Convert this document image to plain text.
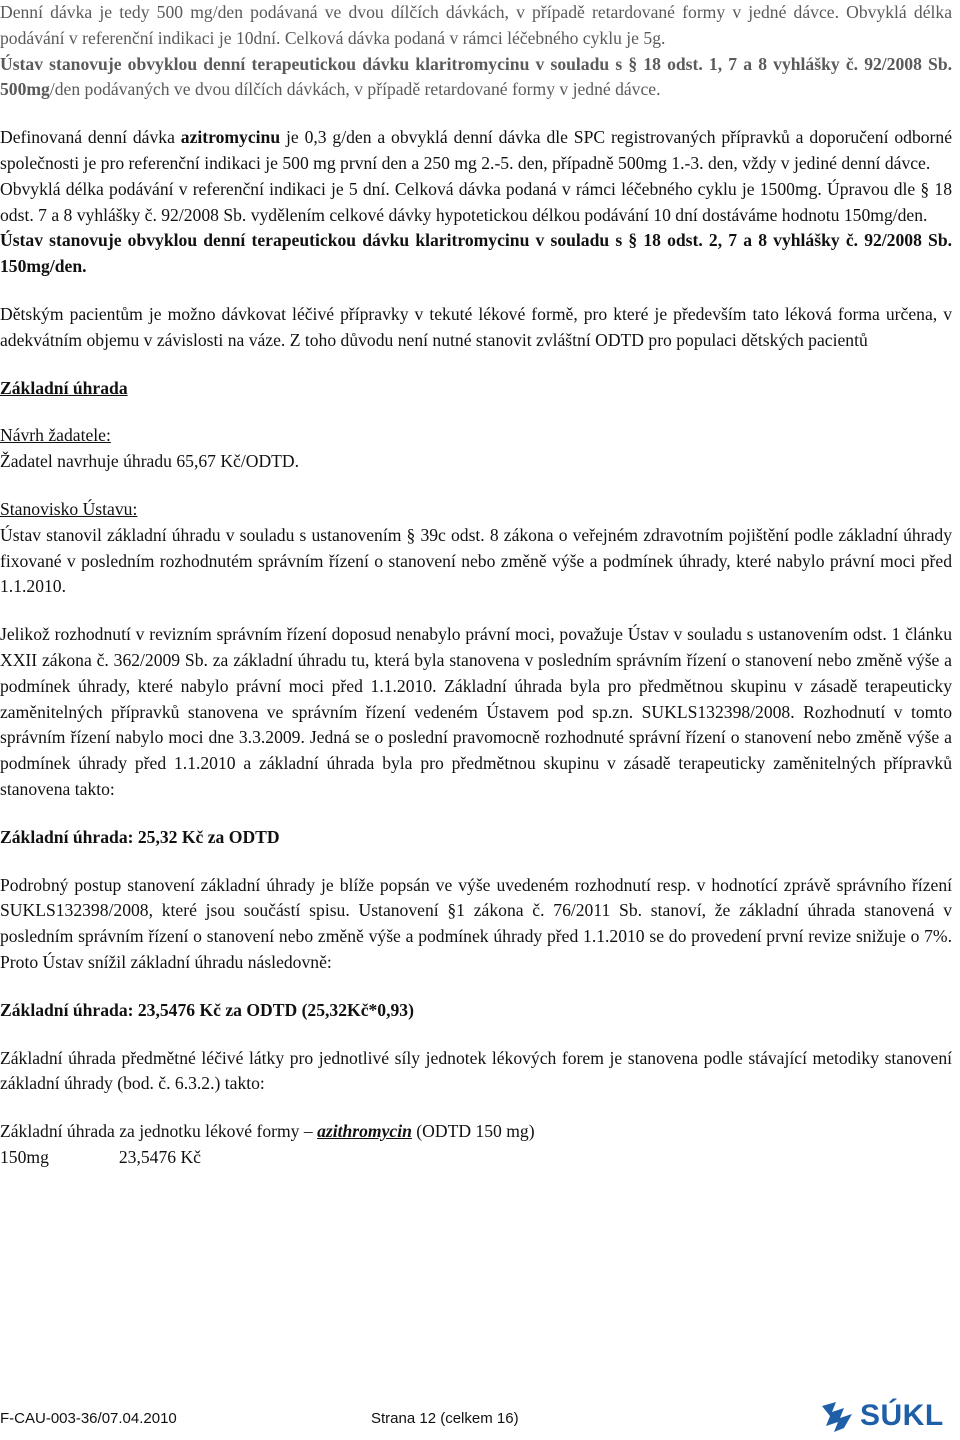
Denní dávka je tedy 500 mg/den podávaná ve dvou dílčích dávkách, v případě retardované formy v jedné dávce. Obvyklá délka podávání v referenční indikaci je 10dní. Celková dávka podaná v rámci léčebného cyklu je 5g.

Ústav stanovuje obvyklou denní terapeutickou dávku klaritromycinu v souladu s § 18 odst. 1, 7 a 8 vyhlášky č. 92/2008 Sb. 500mg/den podávaných ve dvou dílčích dávkách, v případě retardované formy v jedné dávce.

Definovaná denní dávka azitromycinu je 0,3 g/den a obvyklá denní dávka dle SPC registrovaných přípravků a doporučení odborné společnosti je pro referenční indikaci je 500 mg první den a 250 mg 2.-5. den, případně 500mg 1.-3. den, vždy v jediné denní dávce.

Obvyklá délka podávání v referenční indikaci je 5 dní. Celková dávka podaná v rámci léčebného cyklu je 1500mg. Úpravou dle § 18 odst. 7 a 8 vyhlášky č. 92/2008 Sb. vydělením celkové dávky hypotetickou délkou podávání 10 dní dostáváme hodnotu 150mg/den.

Ústav stanovuje obvyklou denní terapeutickou dávku klaritromycinu v souladu s § 18 odst. 2, 7 a 8 vyhlášky č. 92/2008 Sb. 150mg/den.

Dětským pacientům je možno dávkovat léčivé přípravky v tekuté lékové formě, pro které je především tato léková forma určena, v adekvátním objemu v závislosti na váze. Z toho důvodu není nutné stanovit zvláštní ODTD pro populaci dětských pacientů

Základní úhrada

Návrh žadatele:

Žadatel navrhuje úhradu 65,67 Kč/ODTD.

Stanovisko Ústavu:

Ústav stanovil základní úhradu v souladu s ustanovením § 39c odst. 8 zákona o veřejném zdravotním pojištění podle základní úhrady fixované v posledním rozhodnutém správním řízení o stanovení nebo změně výše a podmínek úhrady, které nabylo právní moci před 1.1.2010.

Jelikož rozhodnutí v revizním správním řízení doposud nenabylo právní moci, považuje Ústav v souladu s ustanovením odst. 1 článku XXII zákona č. 362/2009 Sb. za základní úhradu tu, která byla stanovena v posledním správním řízení o stanovení nebo změně výše a podmínek úhrady, které nabylo právní moci před 1.1.2010. Základní úhrada byla pro předmětnou skupinu v zásadě terapeuticky zaměnitelných přípravků stanovena ve správním řízení vedeném Ústavem pod sp.zn. SUKLS132398/2008. Rozhodnutí v tomto správním řízení nabylo moci dne 3.3.2009. Jedná se o poslední pravomocně rozhodnuté správní řízení o stanovení nebo změně výše a podmínek úhrady před 1.1.2010 a základní úhrada byla pro předmětnou skupinu v zásadě terapeuticky zaměnitelných přípravků stanovena takto:

Základní úhrada: 25,32 Kč za ODTD

Podrobný postup stanovení základní úhrady je blíže popsán ve výše uvedeném rozhodnutí resp. v hodnotící zprávě správního řízení SUKLS132398/2008, které jsou součástí spisu. Ustanovení §1 zákona č. 76/2011 Sb. stanoví, že základní úhrada stanovená v posledním správním řízení o stanovení nebo změně výše a podmínek úhrady před 1.1.2010 se do provedení první revize snižuje o 7%. Proto Ústav snížil základní úhradu následovně:

Základní úhrada: 23,5476 Kč za ODTD (25,32Kč*0,93)

Základní úhrada předmětné léčivé látky pro jednotlivé síly jednotek lékových forem je stanovena podle stávající metodiky stanovení základní úhrady (bod. č. 6.3.2.) takto:

Základní úhrada za jednotku lékové formy – azithromycin (ODTD 150 mg)

150mg	23,5476 Kč

F-CAU-003-36/07.04.2010	Strana 12 (celkem 16)	SÚKL
